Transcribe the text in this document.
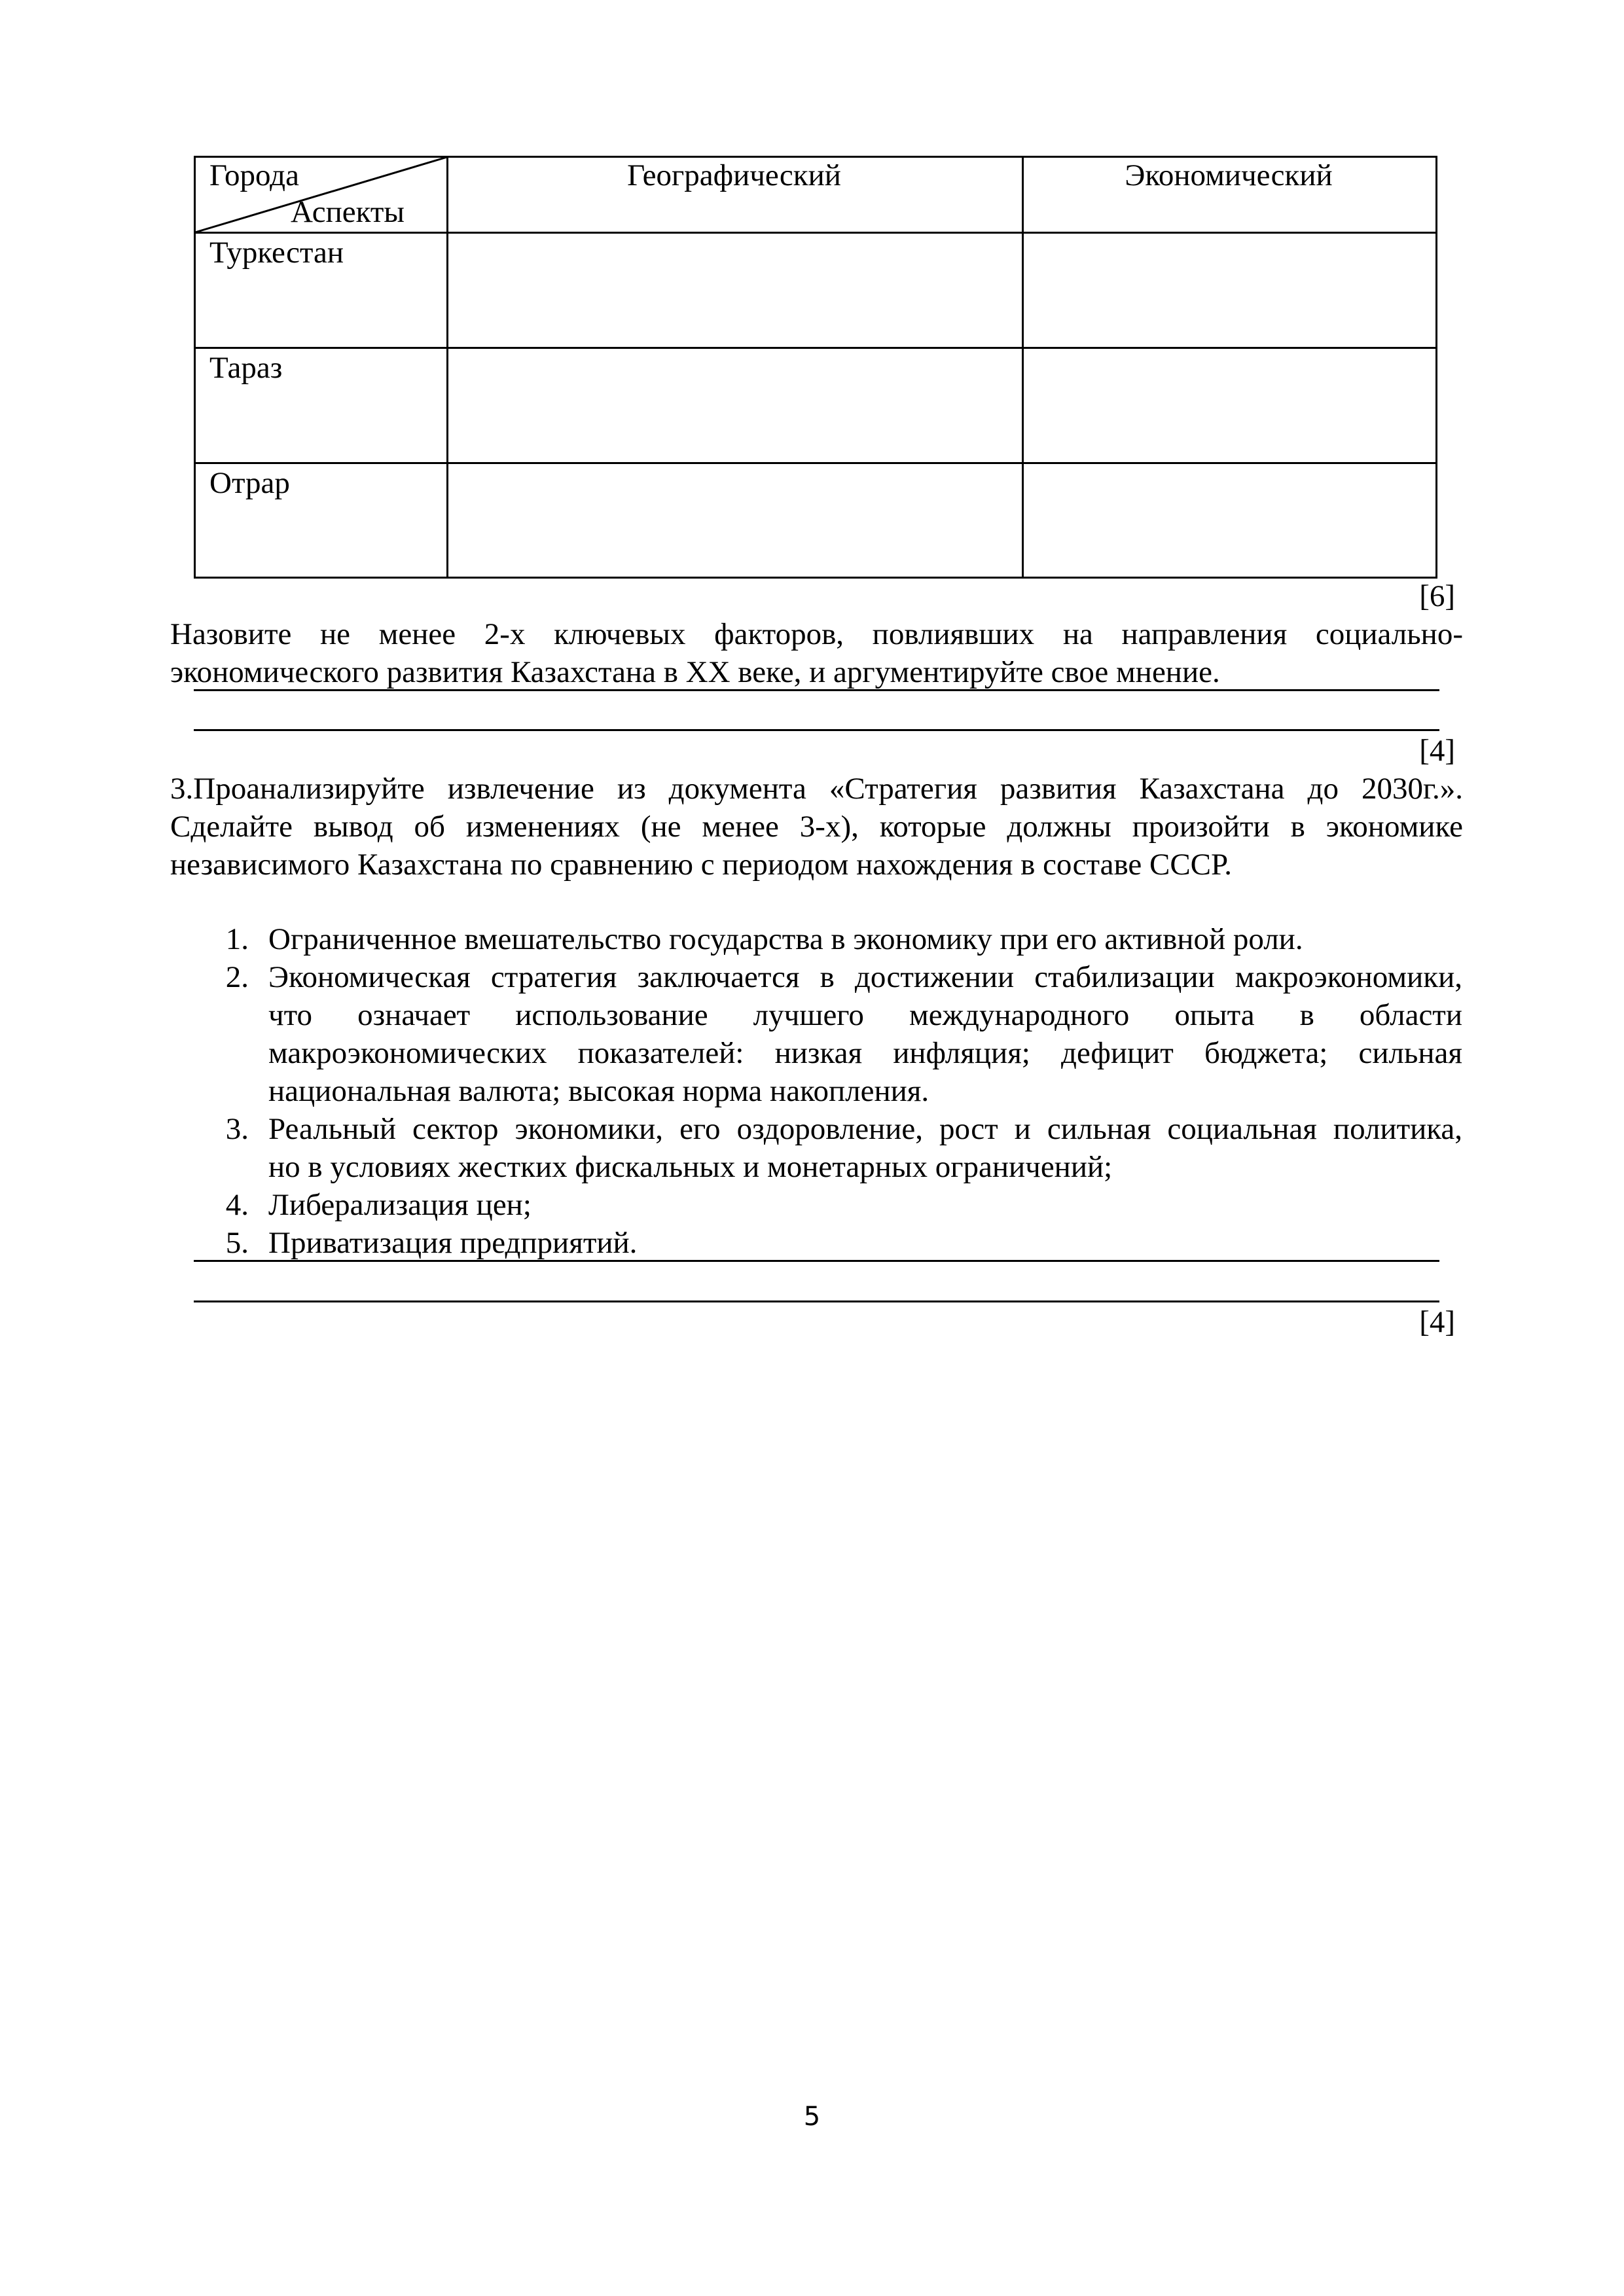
Города
Аспекты
Географический	Экономический
Туркестан
Тараз
Отрар
[6]
Назовите не менее 2-х ключевых факторов, повлиявших на направления социально-
экономического развития Казахстана в XX веке, и аргументируйте свое мнение.
[4]
3.Проанализируйте извлечение из документа «Стратегия развития Казахстана до 2030г.».
Сделайте вывод об изменениях (не менее 3-х), которые должны произойти в экономике
независимого Казахстана по сравнению с периодом нахождения в составе СССР.
1. Ограниченное вмешательство государства в экономику при его активной роли.
2. Экономическая стратегия заключается в достижении стабилизации макроэкономики,
что означает использование лучшего международного опыта в области
макроэкономических показателей: низкая инфляция; дефицит бюджета; сильная
национальная валюта; высокая норма накопления.
3. Реальный сектор экономики, его оздоровление, рост и сильная социальная политика,
но в условиях жестких фискальных и монетарных ограничений;
4. Либерализация цен;
5. Приватизация предприятий.
[4]
5
